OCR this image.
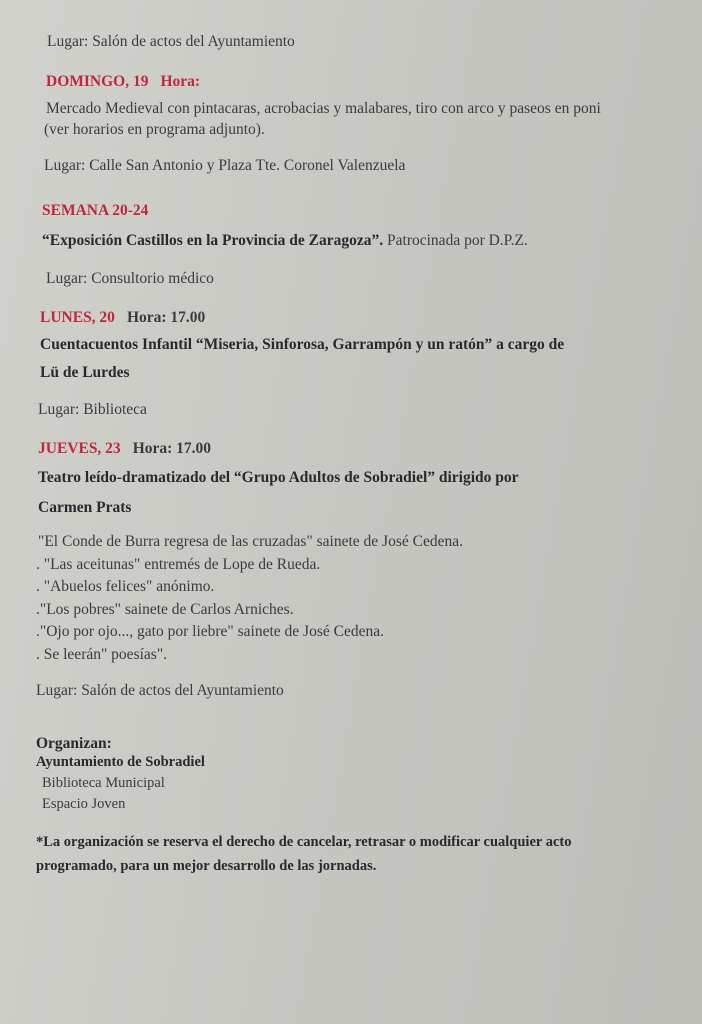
Lugar: Salón de actos del Ayuntamiento
DOMINGO, 19 Hora:
Mercado Medieval con pintacaras, acrobacias y malabares, tiro con arco y paseos en poni
(ver horarios en programa adjunto).
Lugar: Calle San Antonio y Plaza Tte. Coronel Valenzuela
SEMANA 20-24
“Exposición Castillos en la Provincia de Zaragoza”. Patrocinada por D.P.Z.
Lugar: Consultorio médico
LUNES, 20 Hora: 17.00
Cuentacuentos Infantil “Miseria, Sinforosa, Garrampón y un ratón” a cargo de
Lü de Lurdes
Lugar: Biblioteca
JUEVES, 23 Hora: 17.00
Teatro leído-dramatizado del “Grupo Adultos de Sobradiel” dirigido por
Carmen Prats
"El Conde de Burra regresa de las cruzadas" sainete de José Cedena.
. "Las aceitunas" entremés de Lope de Rueda.
. "Abuelos felices" anónimo.
."Los pobres" sainete de Carlos Arniches.
."Ojo por ojo..., gato por liebre" sainete de José Cedena.
. Se leerán" poesías".
Lugar: Salón de actos del Ayuntamiento
Organizan:
Ayuntamiento de Sobradiel
Biblioteca Municipal
Espacio Joven
*La organización se reserva el derecho de cancelar, retrasar o modificar cualquier acto
programado, para un mejor desarrollo de las jornadas.
